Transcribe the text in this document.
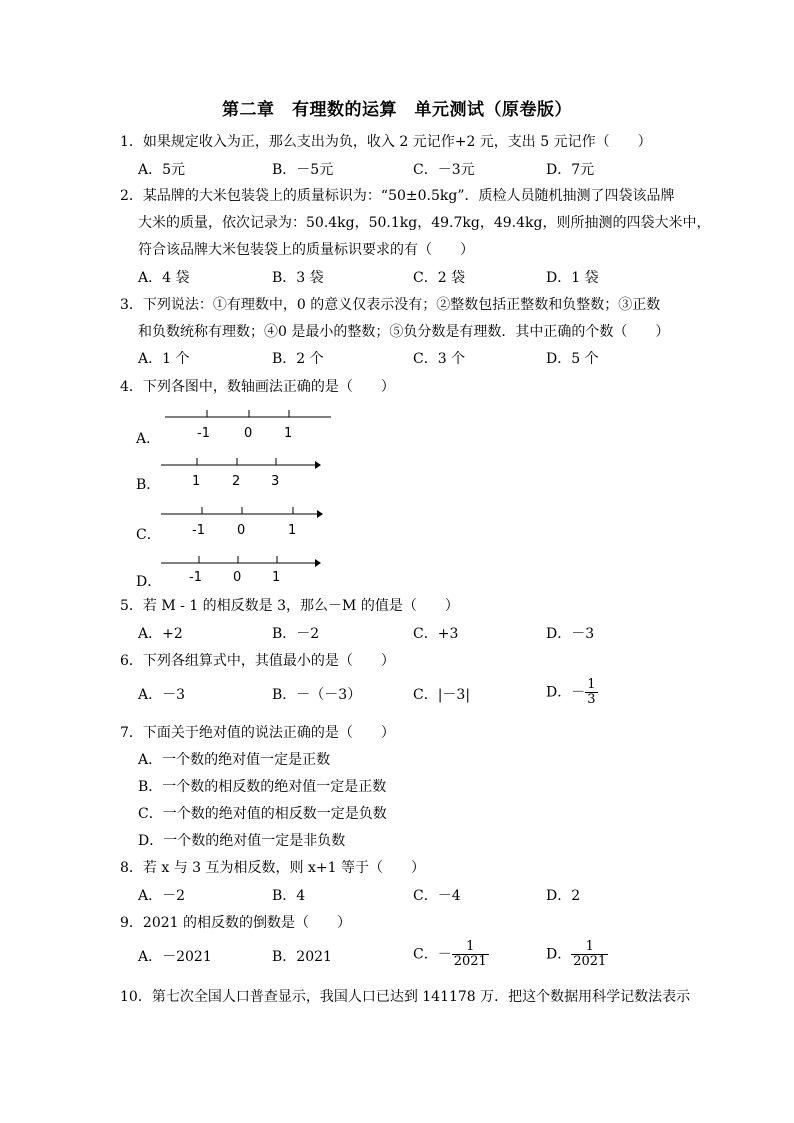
第二章　有理数的运算　单元测试（原卷版）
1．如果规定收入为正，那么支出为负，收入 2 元记作+2 元，支出 5 元记作（　　）
A．5元	B．－5元	C．－3元	D．7元
2．某品牌的大米包装袋上的质量标识为：“50±0.5kg”．质检人员随机抽测了四袋该品牌
大米的质量，依次记录为：50.4kg，50.1kg，49.7kg，49.4kg，则所抽测的四袋大米中，
符合该品牌大米包装袋上的质量标识要求的有（　　）
A．4 袋	B．3 袋	C．2 袋	D．1 袋
3．下列说法：①有理数中，0 的意义仅表示没有；②整数包括正整数和负整数；③正数
和负数统称有理数；④0 是最小的整数；⑤负分数是有理数．其中正确的个数（　　）
A．1 个	B．2 个	C．3 个	D．5 个
4．下列各图中，数轴画法正确的是（　　）
A．	-1	0 1
B． 1 2 3
C． -1 0	1
D． -1 0 1
5．若 M - 1 的相反数是 3，那么－M 的值是（　　）
A．+2	B．－2	C．+3	D．－3
6．下列各组算式中，其值最小的是（　　）
A．－3	B．－（－3）	C．|－3|	D．－ $\frac{1}{3}$
7．下面关于绝对值的说法正确的是（　　）
A．一个数的绝对值一定是正数
B．一个数的相反数的绝对值一定是正数
C．一个数的绝对值的相反数一定是负数
D．一个数的绝对值一定是非负数
8．若 x 与 3 互为相反数，则 x+1 等于（　　）
A．－2	B．4	C．－4	D．2
9．2021 的相反数的倒数是（　　）
A．－2021	B．2021	C．－ $\frac{1}{2021}$	D． $\frac{1}{2021}$
10．第七次全国人口普查显示，我国人口已达到 141178 万．把这个数据用科学记数法表示
